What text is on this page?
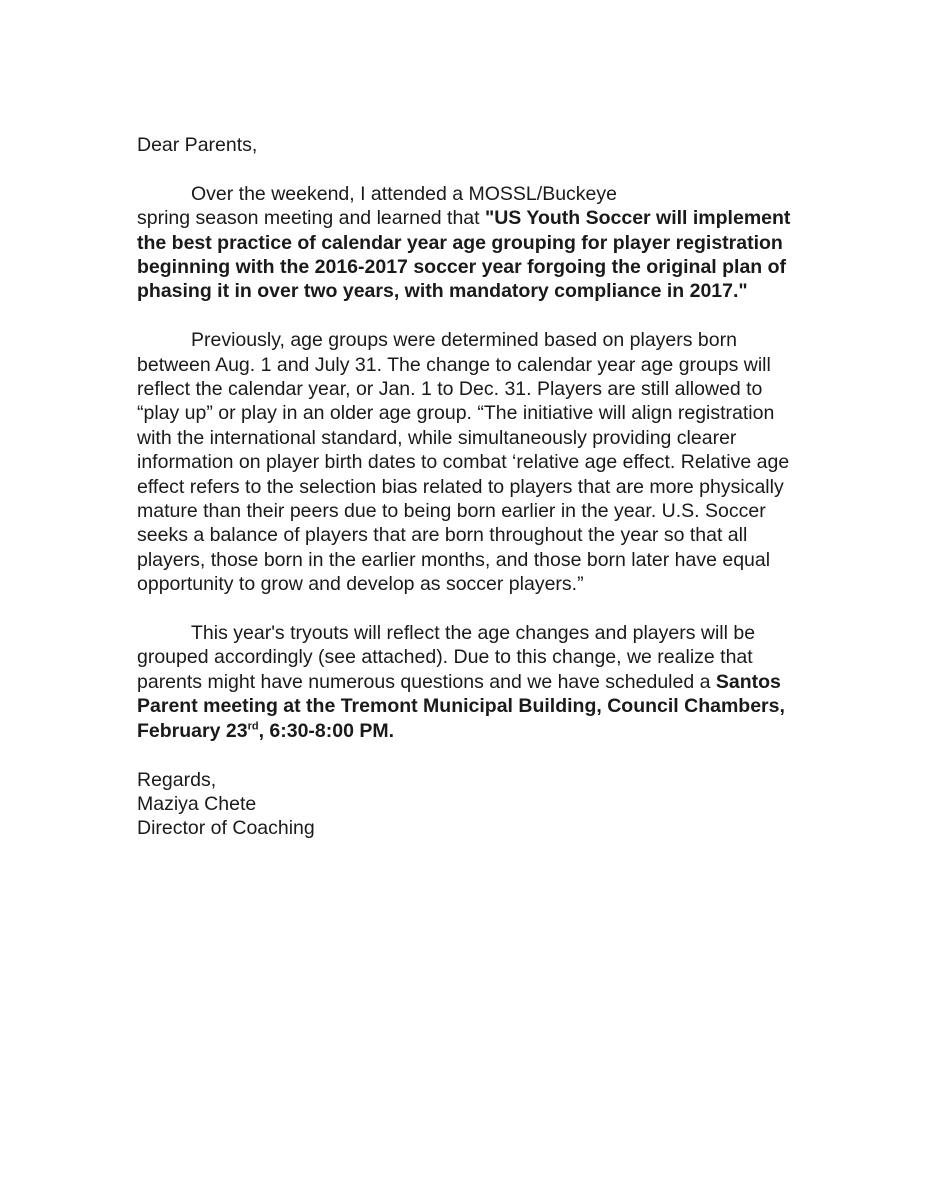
Dear Parents,

Over the weekend, I attended a MOSSL/Buckeye
spring season meeting and learned that "US Youth Soccer will implement the best practice of calendar year age grouping for player registration beginning with the 2016-2017 soccer year forgoing the original plan of phasing it in over two years, with mandatory compliance in 2017."

Previously, age groups were determined based on players born between Aug. 1 and July 31. The change to calendar year age groups will reflect the calendar year, or Jan. 1 to Dec. 31. Players are still allowed to “play up” or play in an older age group. “The initiative will align registration with the international standard, while simultaneously providing clearer information on player birth dates to combat ‘relative age effect. Relative age effect refers to the selection bias related to players that are more physically mature than their peers due to being born earlier in the year. U.S. Soccer seeks a balance of players that are born throughout the year so that all players, those born in the earlier months, and those born later have equal opportunity to grow and develop as soccer players.”

This year's tryouts will reflect the age changes and players will be grouped accordingly (see attached). Due to this change, we realize that parents might have numerous questions and we have scheduled a Santos Parent meeting at the Tremont Municipal Building, Council Chambers, February 23rd, 6:30-8:00 PM.

Regards,
Maziya Chete
Director of Coaching
